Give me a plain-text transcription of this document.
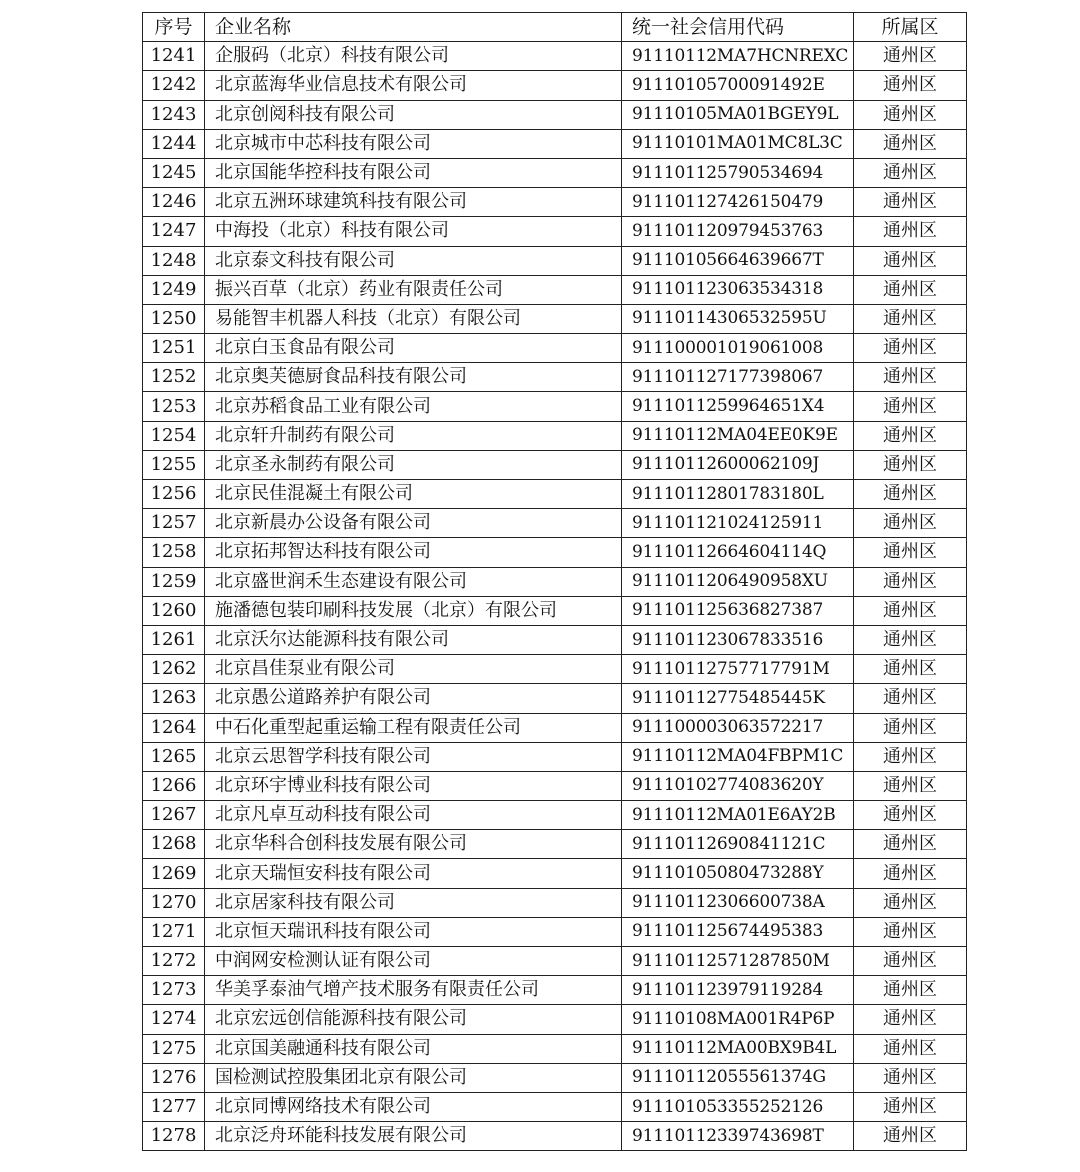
序号	企业名称	统一社会信用代码	所属区
1241	企服码（北京）科技有限公司	91110112MA7HCNREXC	通州区
1242	北京蓝海华业信息技术有限公司	91110105700091492E	通州区
1243	北京创阅科技有限公司	91110105MA01BGEY9L	通州区
1244	北京城市中芯科技有限公司	91110101MA01MC8L3C	通州区
1245	北京国能华控科技有限公司	911101125790534694	通州区
1246	北京五洲环球建筑科技有限公司	911101127426150479	通州区
1247	中海投（北京）科技有限公司	911101120979453763	通州区
1248	北京泰文科技有限公司	91110105664639667T	通州区
1249	振兴百草（北京）药业有限责任公司	911101123063534318	通州区
1250	易能智丰机器人科技（北京）有限公司	91110114306532595U	通州区
1251	北京白玉食品有限公司	911100001019061008	通州区
1252	北京奥芙德厨食品科技有限公司	911101127177398067	通州区
1253	北京苏稻食品工业有限公司	9111011259964651X4	通州区
1254	北京轩升制药有限公司	91110112MA04EE0K9E	通州区
1255	北京圣永制药有限公司	91110112600062109J	通州区
1256	北京民佳混凝土有限公司	91110112801783180L	通州区
1257	北京新晨办公设备有限公司	911101121024125911	通州区
1258	北京拓邦智达科技有限公司	91110112664604114Q	通州区
1259	北京盛世润禾生态建设有限公司	9111011206490958XU	通州区
1260	施潘德包装印刷科技发展（北京）有限公司	911101125636827387	通州区
1261	北京沃尔达能源科技有限公司	911101123067833516	通州区
1262	北京昌佳泵业有限公司	91110112757717791M	通州区
1263	北京愚公道路养护有限公司	91110112775485445K	通州区
1264	中石化重型起重运输工程有限责任公司	911100003063572217	通州区
1265	北京云思智学科技有限公司	91110112MA04FBPM1C	通州区
1266	北京环宇博业科技有限公司	91110102774083620Y	通州区
1267	北京凡卓互动科技有限公司	91110112MA01E6AY2B	通州区
1268	北京华科合创科技发展有限公司	91110112690841121C	通州区
1269	北京天瑞恒安科技有限公司	91110105080473288Y	通州区
1270	北京居家科技有限公司	91110112306600738A	通州区
1271	北京恒天瑞讯科技有限公司	911101125674495383	通州区
1272	中润网安检测认证有限公司	91110112571287850M	通州区
1273	华美孚泰油气增产技术服务有限责任公司	911101123979119284	通州区
1274	北京宏远创信能源科技有限公司	91110108MA001R4P6P	通州区
1275	北京国美融通科技有限公司	91110112MA00BX9B4L	通州区
1276	国检测试控股集团北京有限公司	91110112055561374G	通州区
1277	北京同博网络技术有限公司	911101053355252126	通州区
1278	北京泛舟环能科技发展有限公司	91110112339743698T	通州区
